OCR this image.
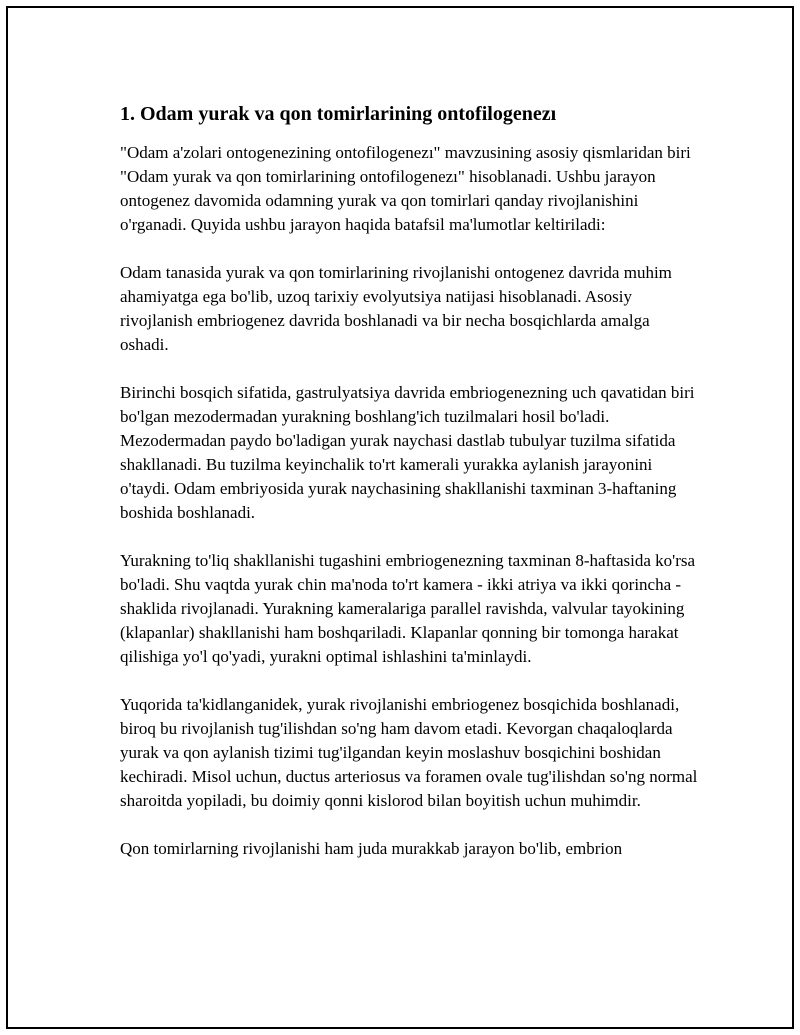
1. Odam yurak va qon tomirlarining ontofilogenezı

"Odam a'zolari ontogenezining ontofilogenezı" mavzusining asosiy qismlaridan biri "Odam yurak va qon tomirlarining ontofilogenezı" hisoblanadi. Ushbu jarayon ontogenez davomida odamning yurak va qon tomirlari qanday rivojlanishini o'rganadi. Quyida ushbu jarayon haqida batafsil ma'lumotlar keltiriladi:

Odam tanasida yurak va qon tomirlarining rivojlanishi ontogenez davrida muhim ahamiyatga ega bo'lib, uzoq tarixiy evolyutsiya natijasi hisoblanadi. Asosiy rivojlanish embriogenez davrida boshlanadi va bir necha bosqichlarda amalga oshadi.

Birinchi bosqich sifatida, gastrulyatsiya davrida embriogenezning uch qavatidan biri bo'lgan mezodermadan yurakning boshlang'ich tuzilmalari hosil bo'ladi. Mezodermadan paydo bo'ladigan yurak naychasi dastlab tubulyar tuzilma sifatida shakllanadi. Bu tuzilma keyinchalik to'rt kamerali yurakka aylanish jarayonini o'taydi. Odam embriyosida yurak naychasining shakllanishi taxminan 3-haftaning boshida boshlanadi.

Yurakning to'liq shakllanishi tugashini embriogenezning taxminan 8-haftasida ko'rsa bo'ladi. Shu vaqtda yurak chin ma'noda to'rt kamera - ikki atriya va ikki qorincha - shaklida rivojlanadi. Yurakning kameralariga parallel ravishda, valvular tayokining (klapanlar) shakllanishi ham boshqariladi. Klapanlar qonning bir tomonga harakat qilishiga yo'l qo'yadi, yurakni optimal ishlashini ta'minlaydi.

Yuqorida ta'kidlanganidek, yurak rivojlanishi embriogenez bosqichida boshlanadi, biroq bu rivojlanish tug'ilishdan so'ng ham davom etadi. Kevorgan chaqaloqlarda yurak va qon aylanish tizimi tug'ilgandan keyin moslashuv bosqichini boshidan kechiradi. Misol uchun, ductus arteriosus va foramen ovale tug'ilishdan so'ng normal sharoitda yopiladi, bu doimiy qonni kislorod bilan boyitish uchun muhimdir.

Qon tomirlarning rivojlanishi ham juda murakkab jarayon bo'lib, embrion
